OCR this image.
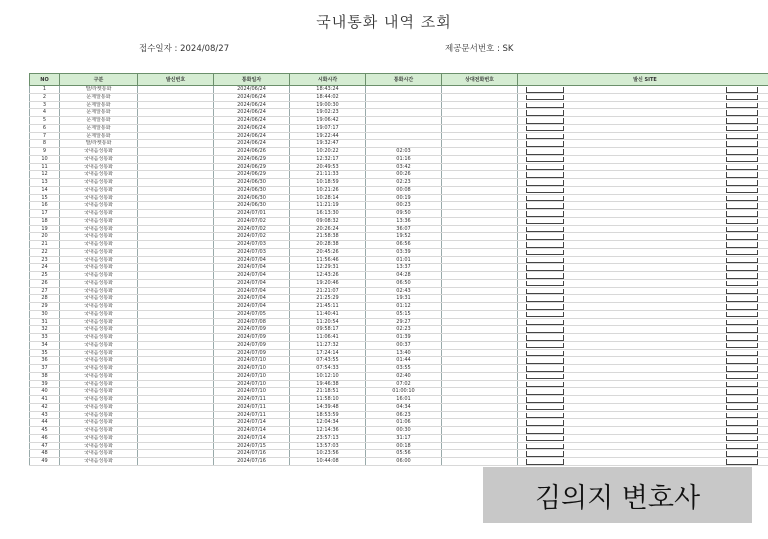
국내통화 내역 조회
접수일자 : 2024/08/27	제공문서번호 : SK
NO	구분	발신번호	통화일자	시화시각	통화시간	상대전화번호	발신 SITE
1	발/라켓통화		2024/06/24	18:43:24			

2	문제알통화		2024/06/24	18:44:02			

3	문제알통화		2024/06/24	19:00:30			

4	문제알통화		2024/06/24	19:02:23			

5	문제알통화		2024/06/24	19:06:42			

6	문제알통화		2024/06/24	19:07:17			

7	문제알통화		2024/06/24	19:22:44			

8	발/라켓통화		2024/06/24	19:32:47			

9	국내음성통화		2024/06/26	10:20:22	02:03		

10	국내음성통화		2024/06/29	12:32:17	01:16		

11	국내음성통화		2024/06/29	20:49:53	03:42		

12	국내음성통화		2024/06/29	21:11:33	00:26		

13	국내음성통화		2024/06/30	10:18:59	02:23		

14	국내음성통화		2024/06/30	10:21:26	00:08		

15	국내음성통화		2024/06/30	10:28:14	00:19		

16	국내음성통화		2024/06/30	11:21:19	00:23		

17	국내음성통화		2024/07/01	16:13:30	09:50		

18	국내음성통화		2024/07/02	09:08:32	13:36		

19	국내음성통화		2024/07/02	20:26:24	36:07		

20	국내음성통화		2024/07/02	21:58:38	19:52		

21	국내음성통화		2024/07/03	20:28:38	06:56		

22	국내음성통화		2024/07/03	20:45:26	03:39		

23	국내음성통화		2024/07/04	11:56:46	01:01		

24	국내음성통화		2024/07/04	12:29:31	13:37		

25	국내음성통화		2024/07/04	12:43:26	04:28		

26	국내음성통화		2024/07/04	19:20:46	06:50		

27	국내음성통화		2024/07/04	21:21:07	02:43		

28	국내음성통화		2024/07/04	21:25:29	19:31		

29	국내음성통화		2024/07/04	21:45:11	01:12		

30	국내음성통화		2024/07/05	11:40:41	05:15		

31	국내음성통화		2024/07/08	11:20:54	29:27		

32	국내음성통화		2024/07/09	09:58:17	02:23		

33	국내음성통화		2024/07/09	11:06:41	01:39		

34	국내음성통화		2024/07/09	11:27:32	00:37		

35	국내음성통화		2024/07/09	17:24:14	13:40		

36	국내음성통화		2024/07/10	07:43:55	01:44		

37	국내음성통화		2024/07/10	07:54:33	03:55		

38	국내음성통화		2024/07/10	10:12:10	02:40		

39	국내음성통화		2024/07/10	19:46:38	07:02		

40	국내음성통화		2024/07/10	21:18:51	01:00:10		

41	국내음성통화		2024/07/11	11:58:10	16:01		

42	국내음성통화		2024/07/11	14:39:48	04:34		

43	국내음성통화		2024/07/11	18:53:59	06:23		

44	국내음성통화		2024/07/14	12:04:34	01:06		

45	국내음성통화		2024/07/14	12:14:36	00:30		

46	국내음성통화		2024/07/14	23:57:13	31:17		

47	국내음성통화		2024/07/15	13:57:03	00:18		

48	국내음성통화		2024/07/16	10:23:56	05:56		

49	국내음성통화		2024/07/16	10:44:08	06:00		
김의지 변호사
